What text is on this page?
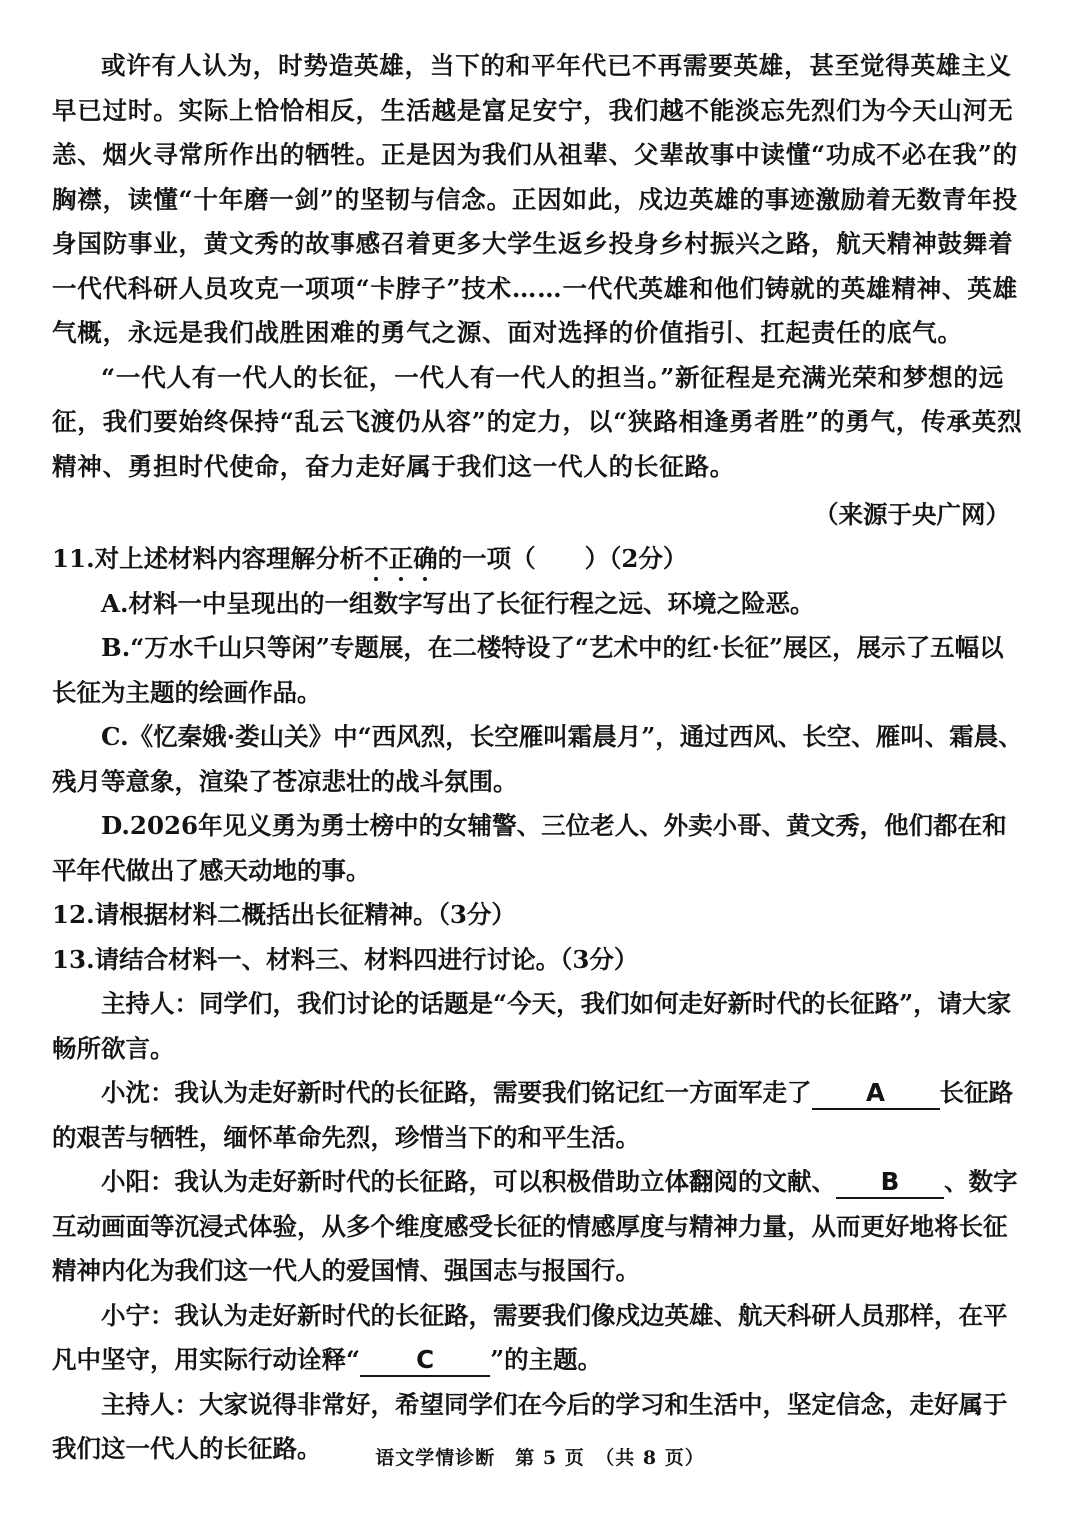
或许有人认为，时势造英雄，当下的和平年代已不再需要英雄，甚至觉得英雄主义早已过时。实际上恰恰相反，生活越是富足安宁，我们越不能淡忘先烈们为今天山河无恙、烟火寻常所作出的牺牲。正是因为我们从祖辈、父辈故事中读懂“功成不必在我”的胸襟，读懂“十年磨一剑”的坚韧与信念。正因如此，戍边英雄的事迹激励着无数青年投身国防事业，黄文秀的故事感召着更多大学生返乡投身乡村振兴之路，航天精神鼓舞着一代代科研人员攻克一项项“卡脖子”技术……一代代英雄和他们铸就的英雄精神、英雄气概，永远是我们战胜困难的勇气之源、面对选择的价值指引、扛起责任的底气。

“一代人有一代人的长征，一代人有一代人的担当。”新征程是充满光荣和梦想的远征，我们要始终保持“乱云飞渡仍从容”的定力，以“狭路相逢勇者胜”的勇气，传承英烈精神、勇担时代使命，奋力走好属于我们这一代人的长征路。

（来源于央广网）

11.对上述材料内容理解分析不正确的一项（　　）（2分）

A.材料一中呈现出的一组数字写出了长征行程之远、环境之险恶。

B.“万水千山只等闲”专题展，在二楼特设了“艺术中的红·长征”展区，展示了五幅以长征为主题的绘画作品。

C.《忆秦娥·娄山关》中“西风烈，长空雁叫霜晨月”，通过西风、长空、雁叫、霜晨、残月等意象，渲染了苍凉悲壮的战斗氛围。

D.2026年见义勇为勇士榜中的女辅警、三位老人、外卖小哥、黄文秀，他们都在和平年代做出了感天动地的事。

12.请根据材料二概括出长征精神。（3分）

13.请结合材料一、材料三、材料四进行讨论。（3分）

主持人：同学们，我们讨论的话题是“今天，我们如何走好新时代的长征路”，请大家畅所欲言。

小沈：我认为走好新时代的长征路，需要我们铭记红一方面军走了 A 长征路的艰苦与牺牲，缅怀革命先烈，珍惜当下的和平生活。

小阳：我认为走好新时代的长征路，可以积极借助立体翻阅的文献、 B 、数字互动画面等沉浸式体验，从多个维度感受长征的情感厚度与精神力量，从而更好地将长征精神内化为我们这一代人的爱国情、强国志与报国行。

小宁：我认为走好新时代的长征路，需要我们像戍边英雄、航天科研人员那样，在平凡中坚守，用实际行动诠释“ C ”的主题。

主持人：大家说得非常好，希望同学们在今后的学习和生活中，坚定信念，走好属于我们这一代人的长征路。	语文学情诊断　第 5 页　（共 8 页）
